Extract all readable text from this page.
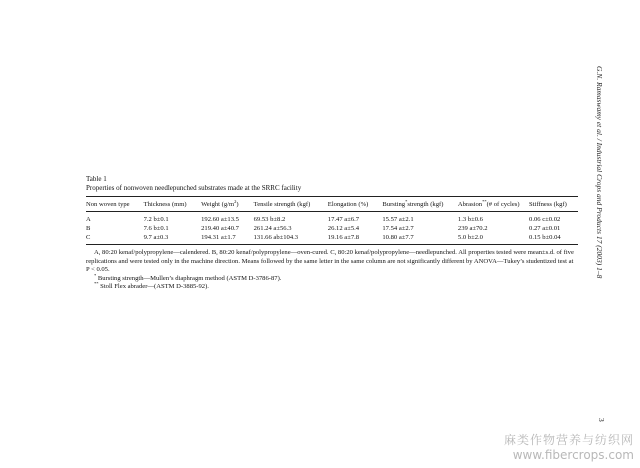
Table 1
Properties of nonwoven needlepunched substrates made at the SRRC facility
Non woven type	Thickness (mm)	Weight $(g/m^2)$	Tensile strength (kgf)	Elongation (%)	Bursting*strength (kgf)	Abrasion**(# of cycles)	Stiffness (kgf)

A	7.2 b±0.1	192.60 a±13.5	69.53 b±8.2	17.47 a±6.7	15.57 a±2.1	1.3 b±0.6	0.06 c±0.02
B	7.6 b±0.1	219.40 a±40.7	261.24 a±56.3	26.12 a±5.4	17.54 a±2.7	239 a±70.2	0.27 a±0.01
C	9.7 a±0.3	194.31 a±1.7	131.66 ab±104.3	19.16 a±7.8	10.80 a±7.7	5.0 b±2.0	0.15 b±0.04
A, 80:20 kenaf/polypropylene—calendered. B, 80:20 kenaf/polypropylene—oven-cured. C, 80:20 kenaf/polypropylene—needlepunched. All properties tested were mean±s.d. of five replications and were tested only in the machine direction. Means followed by the same letter in the same column are not significantly different by ANOVA—Tukey’s studentized test at P < 0.05.
* Bursting strength—Mullen’s diaphragm method (ASTM D-3786-87).
** Stoll Flex abrader—(ASTM D-3885-92).
G.N. Ramaswamy et al. / Industrial Crops and Products 17 (2003) 1–8
3
麻类作物营养与纺织网
www.fibercrops.com
